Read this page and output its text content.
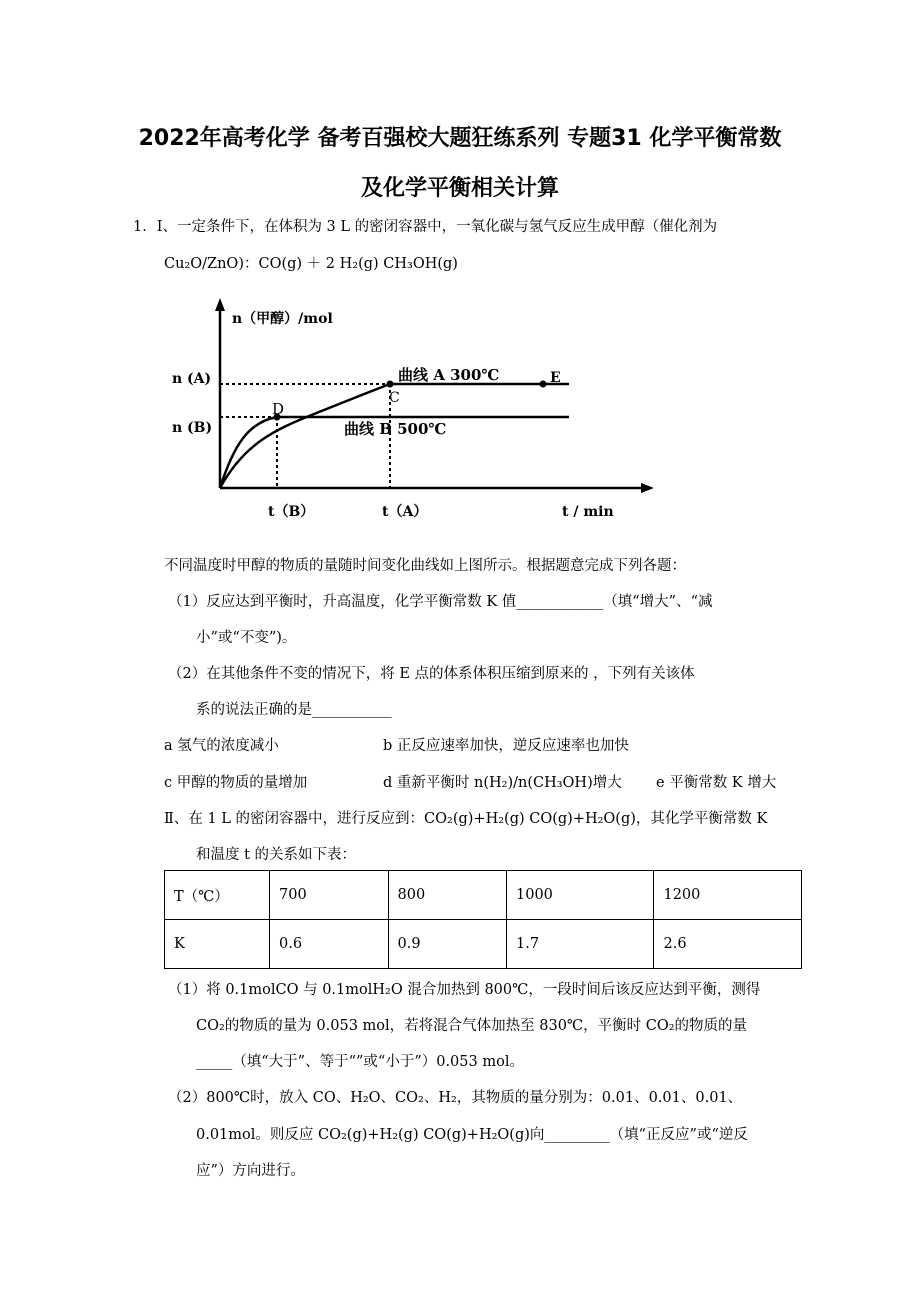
2022年高考化学 备考百强校大题狂练系列 专题31 化学平衡常数
及化学平衡相关计算
1．Ⅰ、一定条件下，在体积为 3 L 的密闭容器中，一氧化碳与氢气反应生成甲醇（催化剂为
Cu₂O/ZnO)：CO(g) ＋ 2 H₂(g) CH₃OH(g)
n（甲醇）/mol
n (A)
n (B)
t（B）	t（A）	t / min
曲线 A 300℃
曲线 B 500℃
D
C
E
不同温度时甲醇的物质的量随时间变化曲线如上图所示。根据题意完成下列各题：
（1）反应达到平衡时，升高温度，化学平衡常数 K 值____________（填“增大”、“减
小”或“不变”)。
（2）在其他条件不变的情况下，将 E 点的体系体积压缩到原来的 ，下列有关该体
系的说法正确的是___________
a 氢气的浓度减小	b 正反应速率加快，逆反应速率也加快
c 甲醇的物质的量增加	d 重新平衡时 n(H₂)/n(CH₃OH)增大 e 平衡常数 K 增大
Ⅱ、在 1 L 的密闭容器中，进行反应到：CO₂(g)+H₂(g) CO(g)+H₂O(g)，其化学平衡常数 K
和温度 t 的关系如下表：
T（℃）	700	800	1000	1200
K	0.6	0.9	1.7	2.6
（1）将 0.1molCO 与 0.1molH₂O 混合加热到 800℃，一段时间后该反应达到平衡，测得
CO₂的物质的量为 0.053 mol，若将混合气体加热至 830℃，平衡时 CO₂的物质的量
_____（填“大于”、等于“”或“小于”）0.053 mol。
（2）800℃时，放入 CO、H₂O、CO₂、H₂，其物质的量分别为：0.01、0.01、0.01、
0.01mol。则反应 CO₂(g)+H₂(g) CO(g)+H₂O(g)向_________（填“正反应”或“逆反
应”）方向进行。
